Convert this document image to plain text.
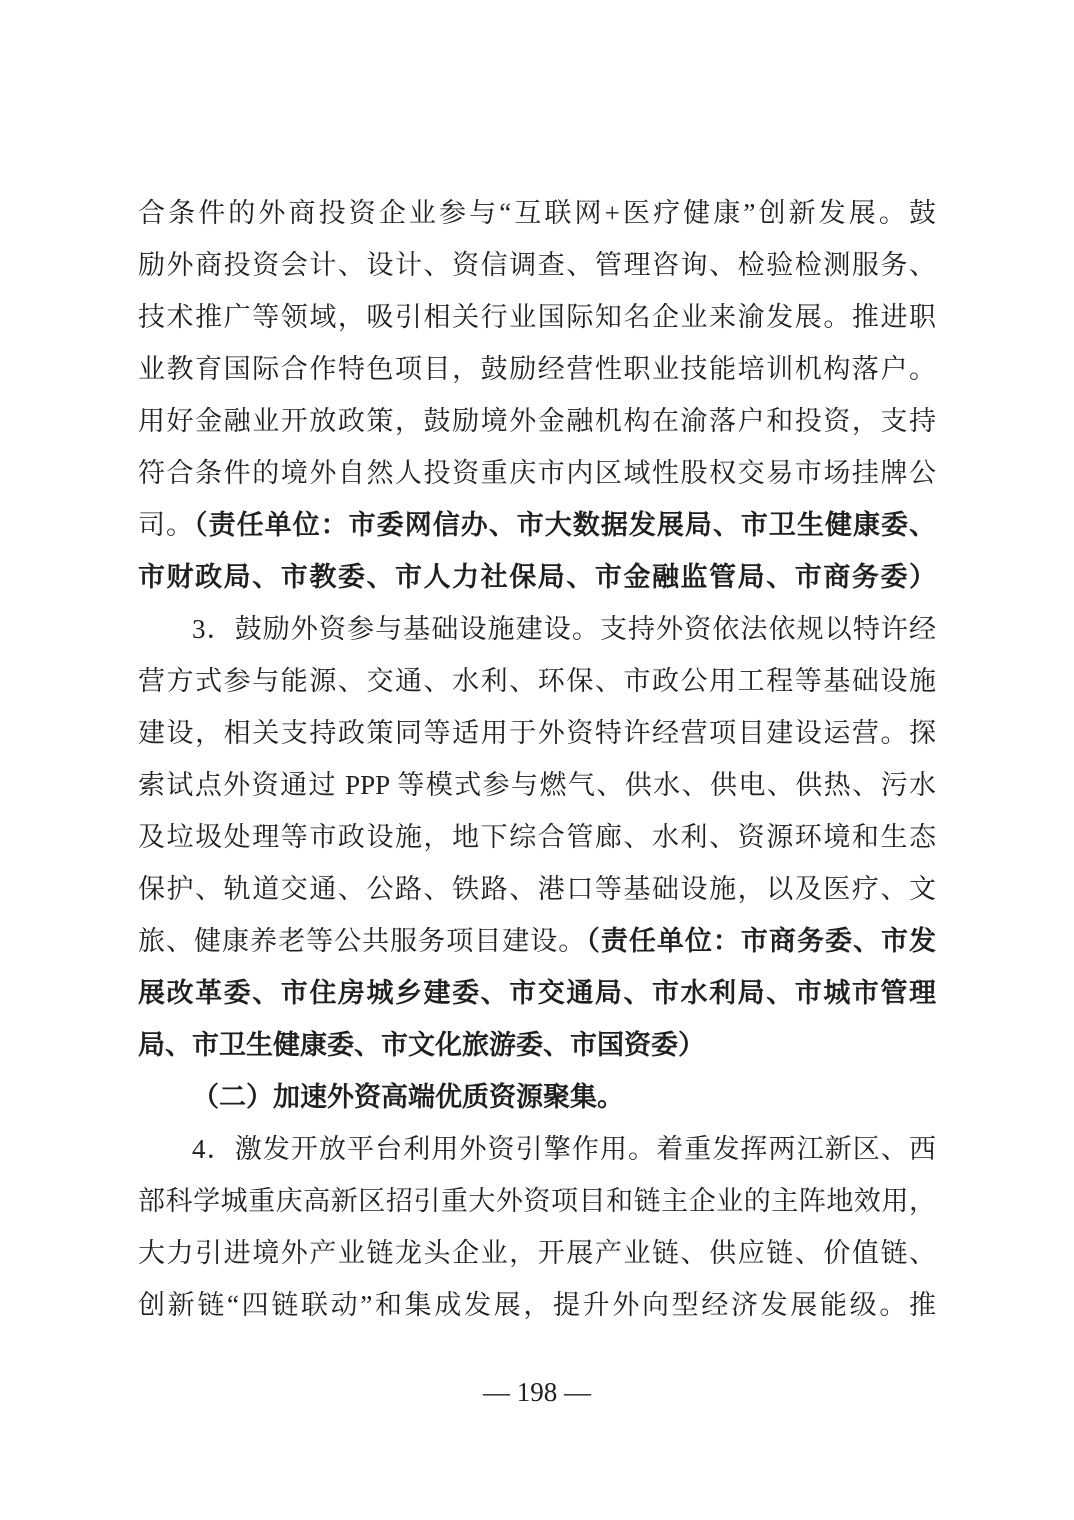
合条件的外商投资企业参与“互联网+医疗健康”创新发展。鼓
励外商投资会计、设计、资信调查、管理咨询、检验检测服务、
技术推广等领域，吸引相关行业国际知名企业来渝发展。推进职
业教育国际合作特色项目，鼓励经营性职业技能培训机构落户。
用好金融业开放政策，鼓励境外金融机构在渝落户和投资，支持
符合条件的境外自然人投资重庆市内区域性股权交易市场挂牌公
司。（责任单位：市委网信办、市大数据发展局、市卫生健康委、
市财政局、市教委、市人力社保局、市金融监管局、市商务委）
3．鼓励外资参与基础设施建设。支持外资依法依规以特许经
营方式参与能源、交通、水利、环保、市政公用工程等基础设施
建设，相关支持政策同等适用于外资特许经营项目建设运营。探
索试点外资通过 PPP 等模式参与燃气、供水、供电、供热、污水
及垃圾处理等市政设施，地下综合管廊、水利、资源环境和生态
保护、轨道交通、公路、铁路、港口等基础设施，以及医疗、文
旅、健康养老等公共服务项目建设。（责任单位：市商务委、市发
展改革委、市住房城乡建委、市交通局、市水利局、市城市管理
局、市卫生健康委、市文化旅游委、市国资委）
（二）加速外资高端优质资源聚集。
4．激发开放平台利用外资引擎作用。着重发挥两江新区、西
部科学城重庆高新区招引重大外资项目和链主企业的主阵地效用，
大力引进境外产业链龙头企业，开展产业链、供应链、价值链、
创新链“四链联动”和集成发展，提升外向型经济发展能级。推
— 198 —
